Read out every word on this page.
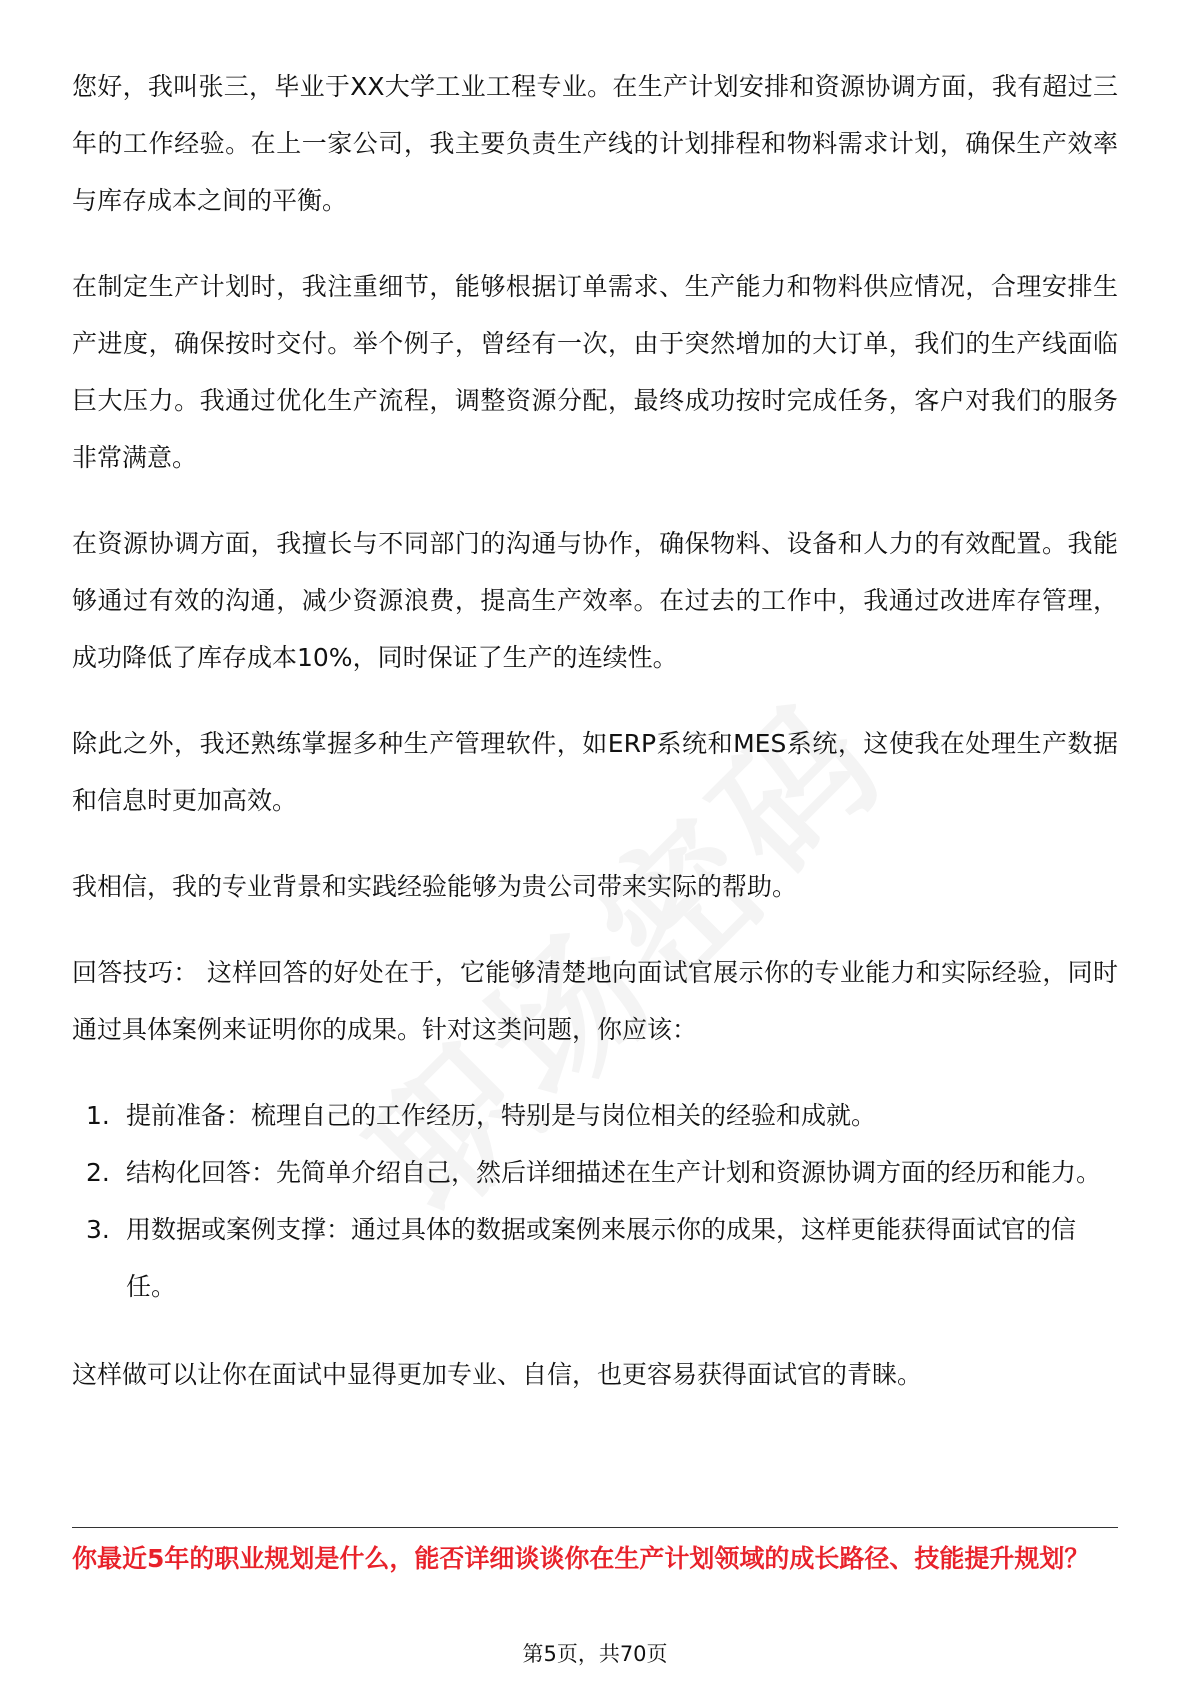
您好，我叫张三，毕业于XX大学工业工程专业。在生产计划安排和资源协调方面，我有超过三年的工作经验。在上一家公司，我主要负责生产线的计划排程和物料需求计划，确保生产效率与库存成本之间的平衡。

在制定生产计划时，我注重细节，能够根据订单需求、生产能力和物料供应情况，合理安排生产进度，确保按时交付。举个例子，曾经有一次，由于突然增加的大订单，我们的生产线面临巨大压力。我通过优化生产流程，调整资源分配，最终成功按时完成任务，客户对我们的服务非常满意。

在资源协调方面，我擅长与不同部门的沟通与协作，确保物料、设备和人力的有效配置。我能够通过有效的沟通，减少资源浪费，提高生产效率。在过去的工作中，我通过改进库存管理，成功降低了库存成本10%，同时保证了生产的连续性。

除此之外，我还熟练掌握多种生产管理软件，如ERP系统和MES系统，这使我在处理生产数据和信息时更加高效。

我相信，我的专业背景和实践经验能够为贵公司带来实际的帮助。

回答技巧： 这样回答的好处在于，它能够清楚地向面试官展示你的专业能力和实际经验，同时通过具体案例来证明你的成果。针对这类问题，你应该：

1. 提前准备：梳理自己的工作经历，特别是与岗位相关的经验和成就。
2. 结构化回答：先简单介绍自己，然后详细描述在生产计划和资源协调方面的经历和能力。
3. 用数据或案例支撑：通过具体的数据或案例来展示你的成果，这样更能获得面试官的信任。

这样做可以让你在面试中显得更加专业、自信，也更容易获得面试官的青睐。

你最近5年的职业规划是什么，能否详细谈谈你在生产计划领域的成长路径、技能提升规划？
第5页，共70页
